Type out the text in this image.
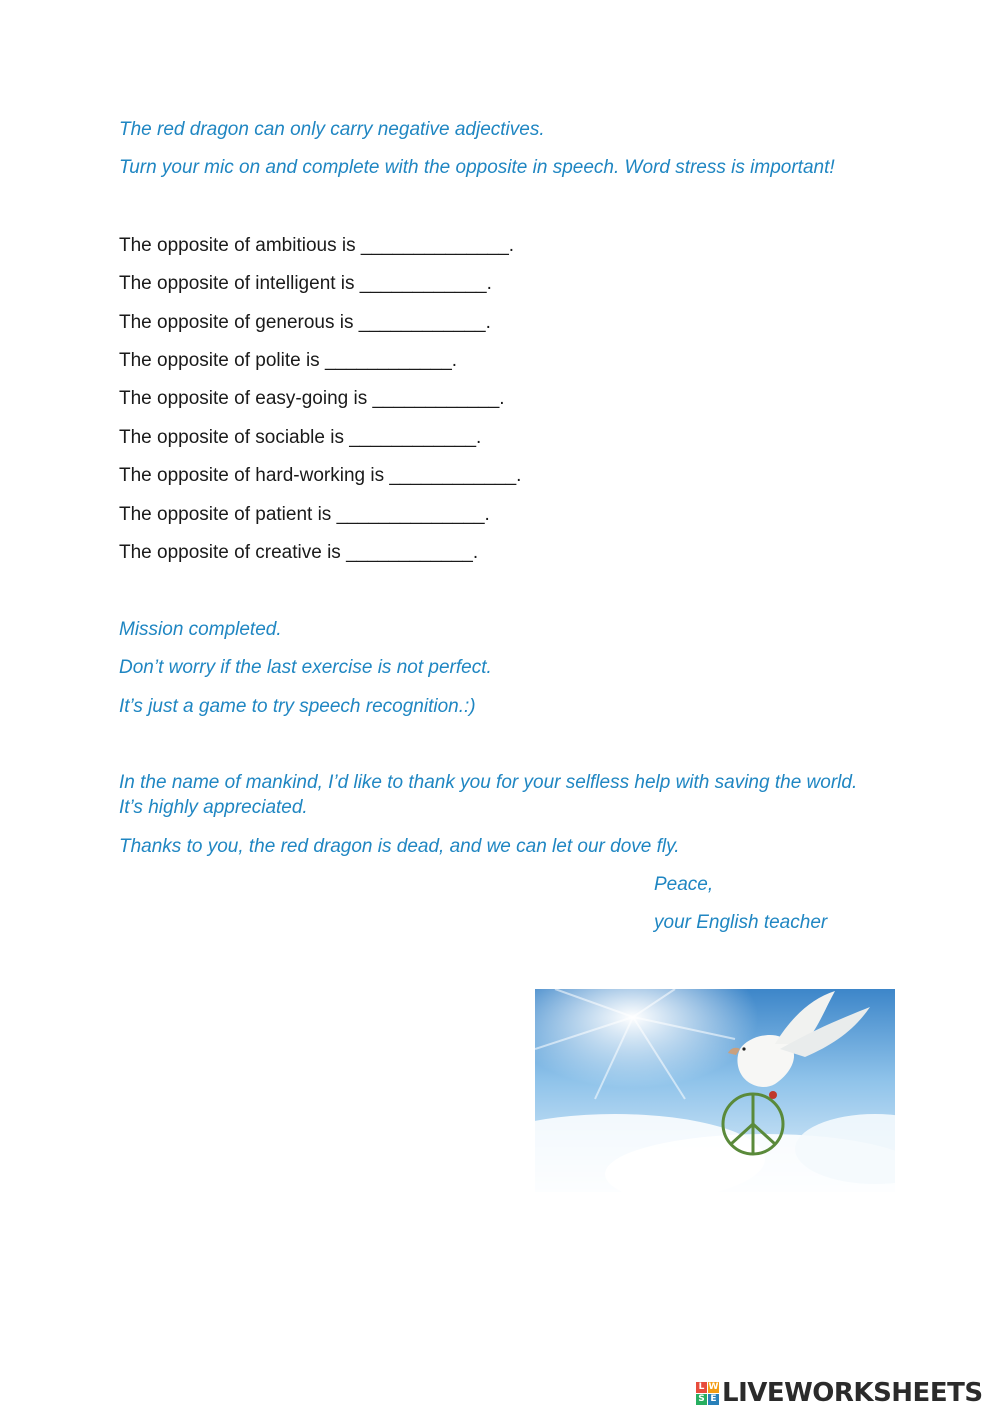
The red dragon can only carry negative adjectives.
Turn your mic on and complete with the opposite in speech. Word stress is important!
The opposite of ambitious is ______________.
The opposite of intelligent is ____________.
The opposite of generous is ____________.
The opposite of polite is ____________.
The opposite of easy-going is ____________.
The opposite of sociable is ____________.
The opposite of hard-working is ____________.
The opposite of patient is ______________.
The opposite of creative is ____________.
Mission completed.
Don’t worry if the last exercise is not perfect.
It’s just a game to try speech recognition.:)
In the name of mankind, I’d like to thank you for your selfless help with saving the world. It’s highly appreciated.
Thanks to you, the red dragon is dead, and we can let our dove fly.
Peace,
your English teacher
L W
S E LIVEWORKSHEETS
